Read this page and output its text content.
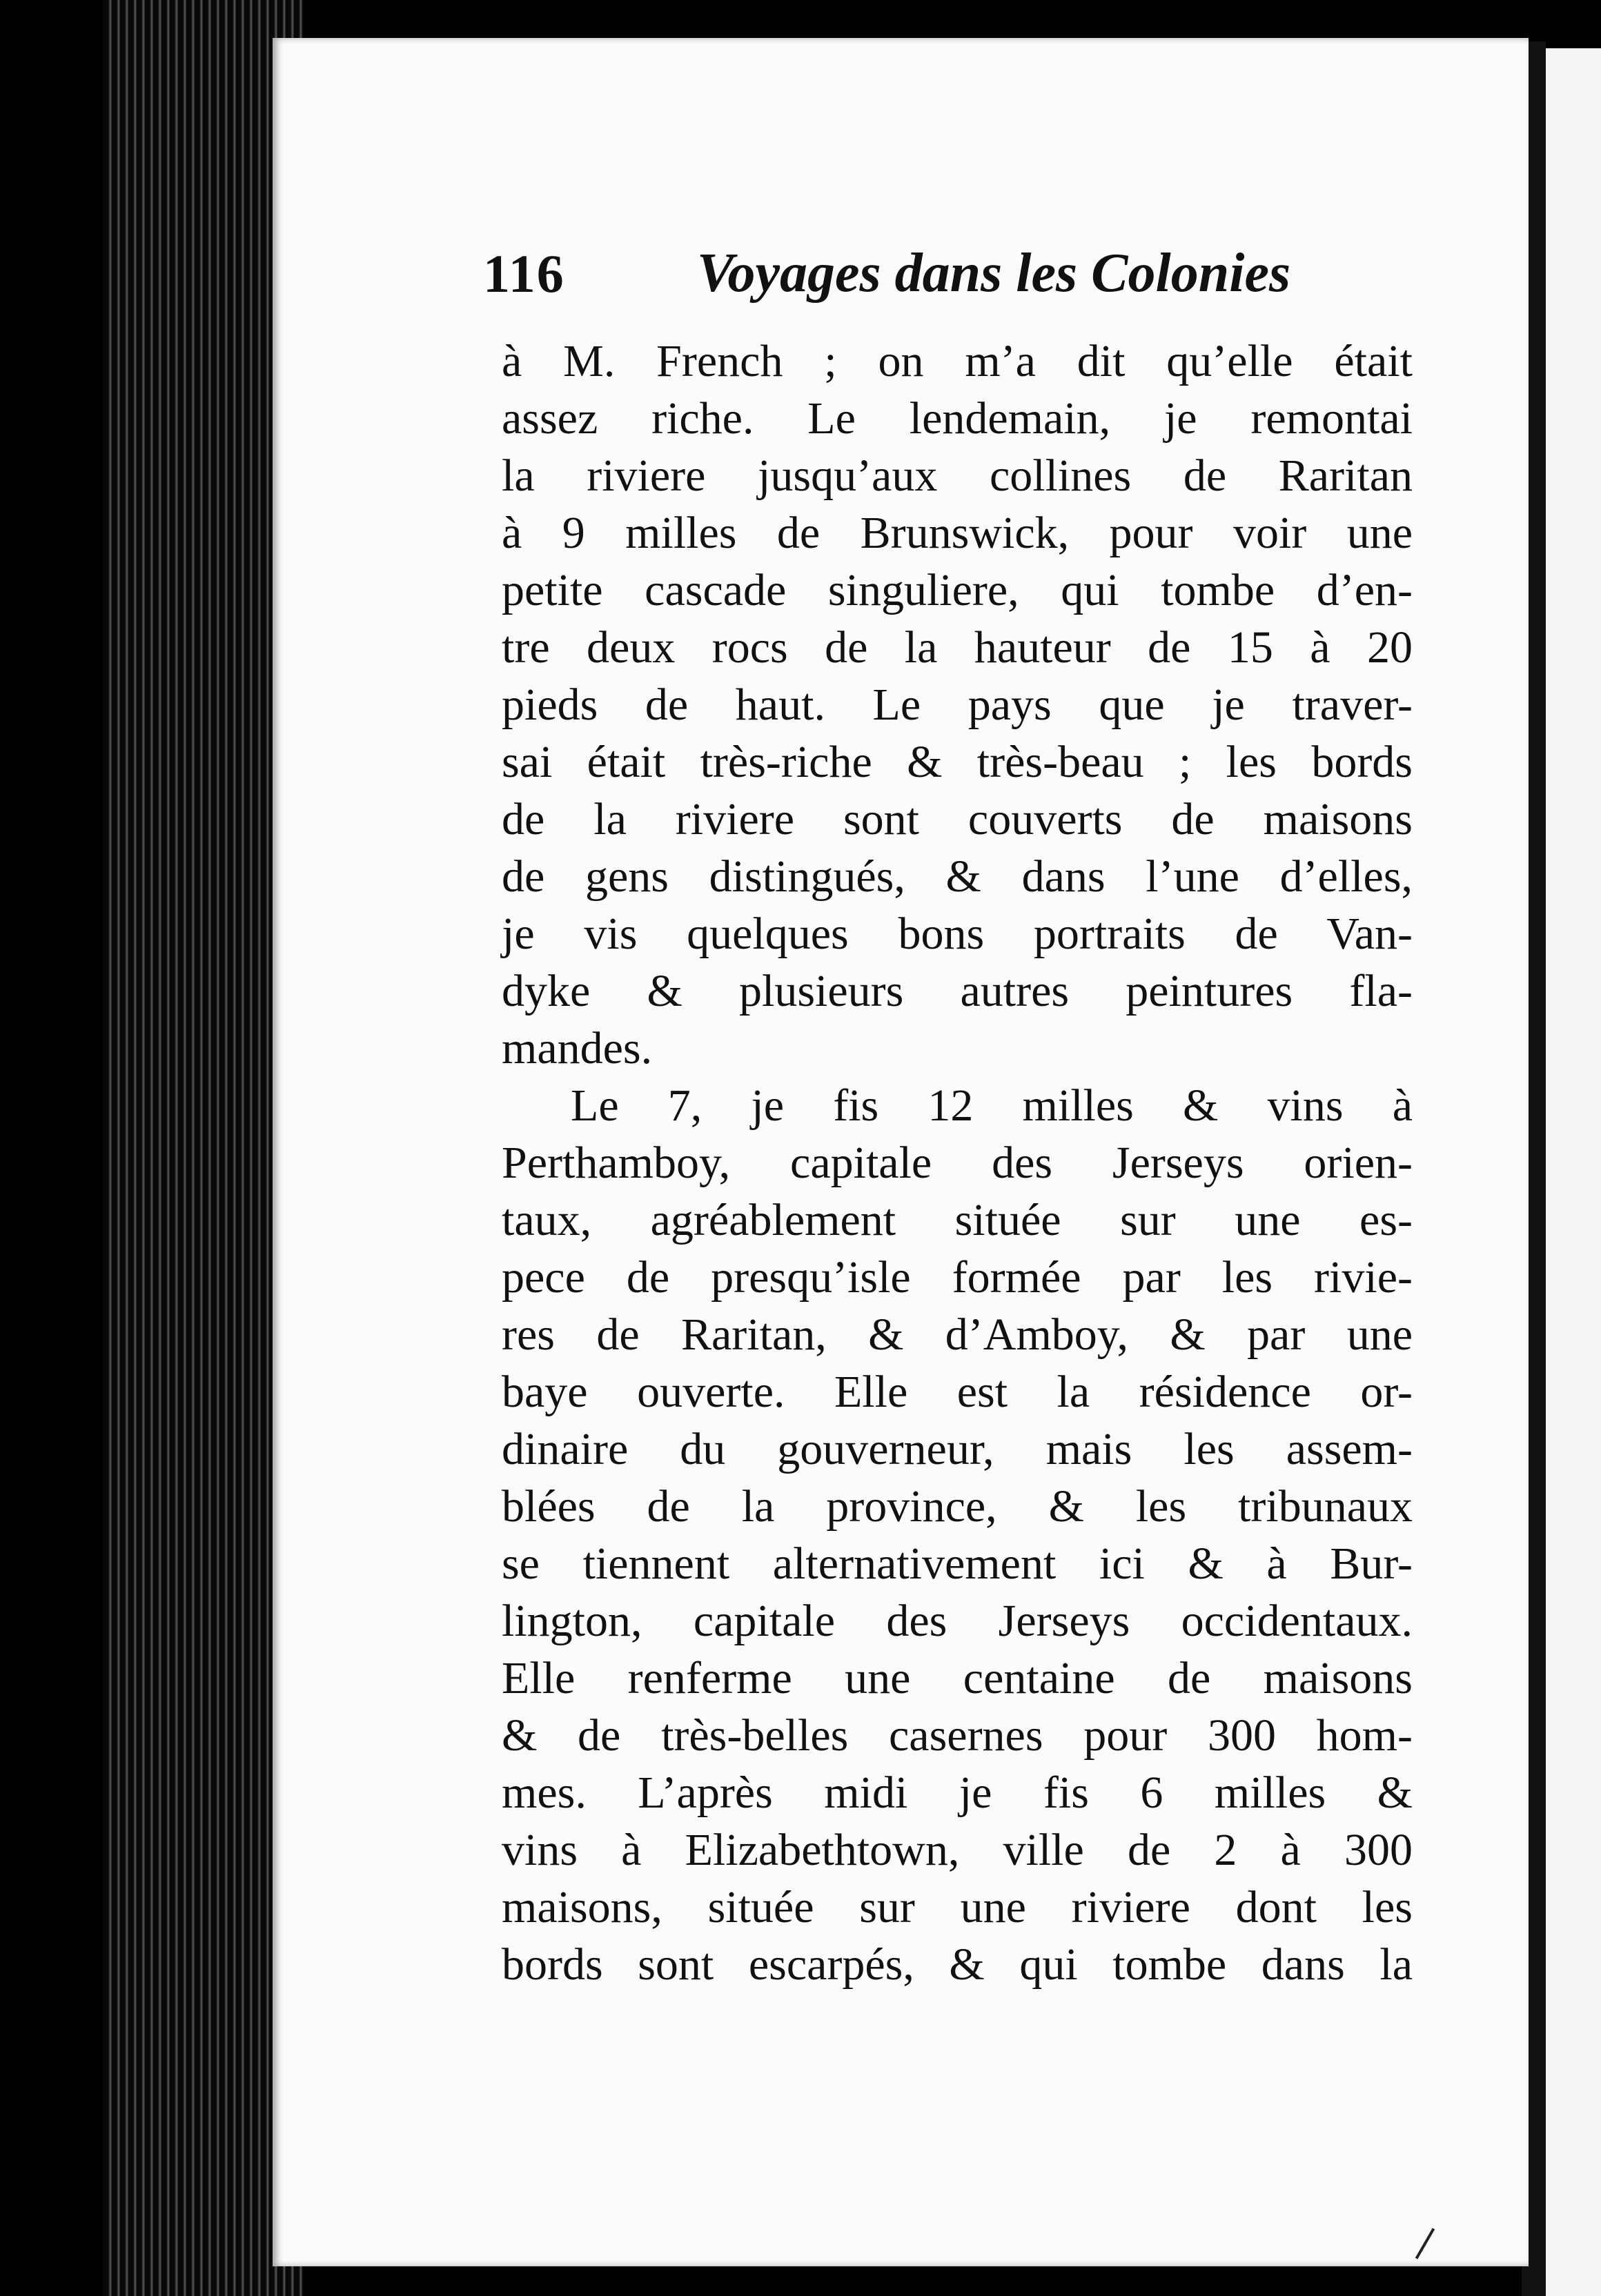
116	Voyages dans les Colonies

à M. French ; on m’a dit qu’elle était
assez riche. Le lendemain, je remontai
la riviere jusqu’aux collines de Raritan
à 9 milles de Brunswick, pour voir une
petite cascade singuliere, qui tombe d’en-
tre deux rocs de la hauteur de 15 à 20
pieds de haut. Le pays que je traver-
sai était très-riche & très-beau ; les bords
de la riviere sont couverts de maisons
de gens distingués, & dans l’une d’elles,
je vis quelques bons portraits de Van-
dyke & plusieurs autres peintures fla-
mandes.

Le 7, je fis 12 milles & vins à
Perthamboy, capitale des Jerseys orien-
taux, agréablement située sur une es-
pece de presqu’isle formée par les rivie-
res de Raritan, & d’Amboy, & par une
baye ouverte. Elle est la résidence or-
dinaire du gouverneur, mais les assem-
blées de la province, & les tribunaux
se tiennent alternativement ici & à Bur-
lington, capitale des Jerseys occidentaux.
Elle renferme une centaine de maisons
& de très-belles casernes pour 300 hom-
mes. L’après midi je fis 6 milles &
vins à Elizabethtown, ville de 2 à 300
maisons, située sur une riviere dont les
bords sont escarpés, & qui tombe dans la
